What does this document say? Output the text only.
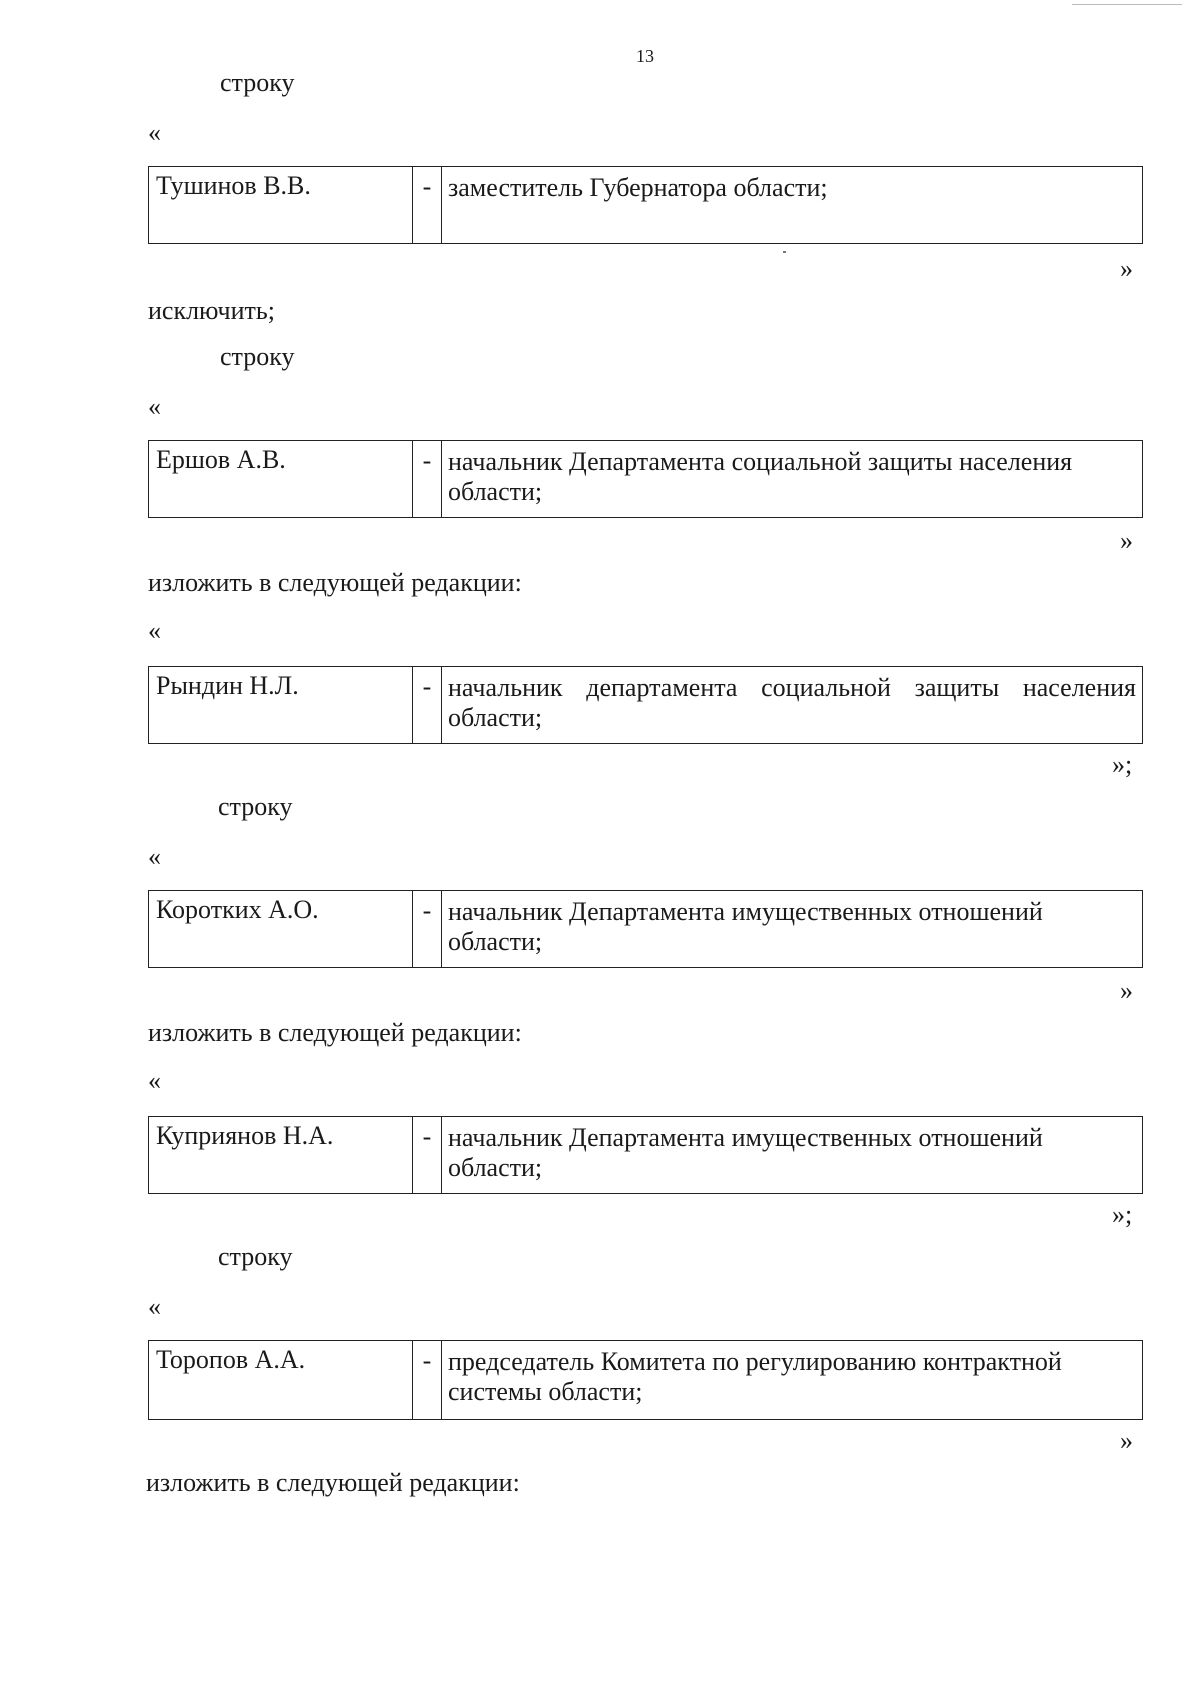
13
строку
«
Тушинов В.В.	- заместитель Губернатора области;
»
исключить;
строку
«
Ершов А.В.	- начальник Департамента социальной защиты населения области;
»
изложить в следующей редакции:
«
Рындин Н.Л.	- начальник департамента социальной защиты населения области;
»;
строку
«
Коротких А.О.	- начальник Департамента имущественных отношений области;
»
изложить в следующей редакции:
«
Куприянов Н.А.	- начальник Департамента имущественных отношений области;
»;
строку
«
Торопов А.А.	- председатель Комитета по регулированию контрактной системы области;
»
изложить в следующей редакции:
